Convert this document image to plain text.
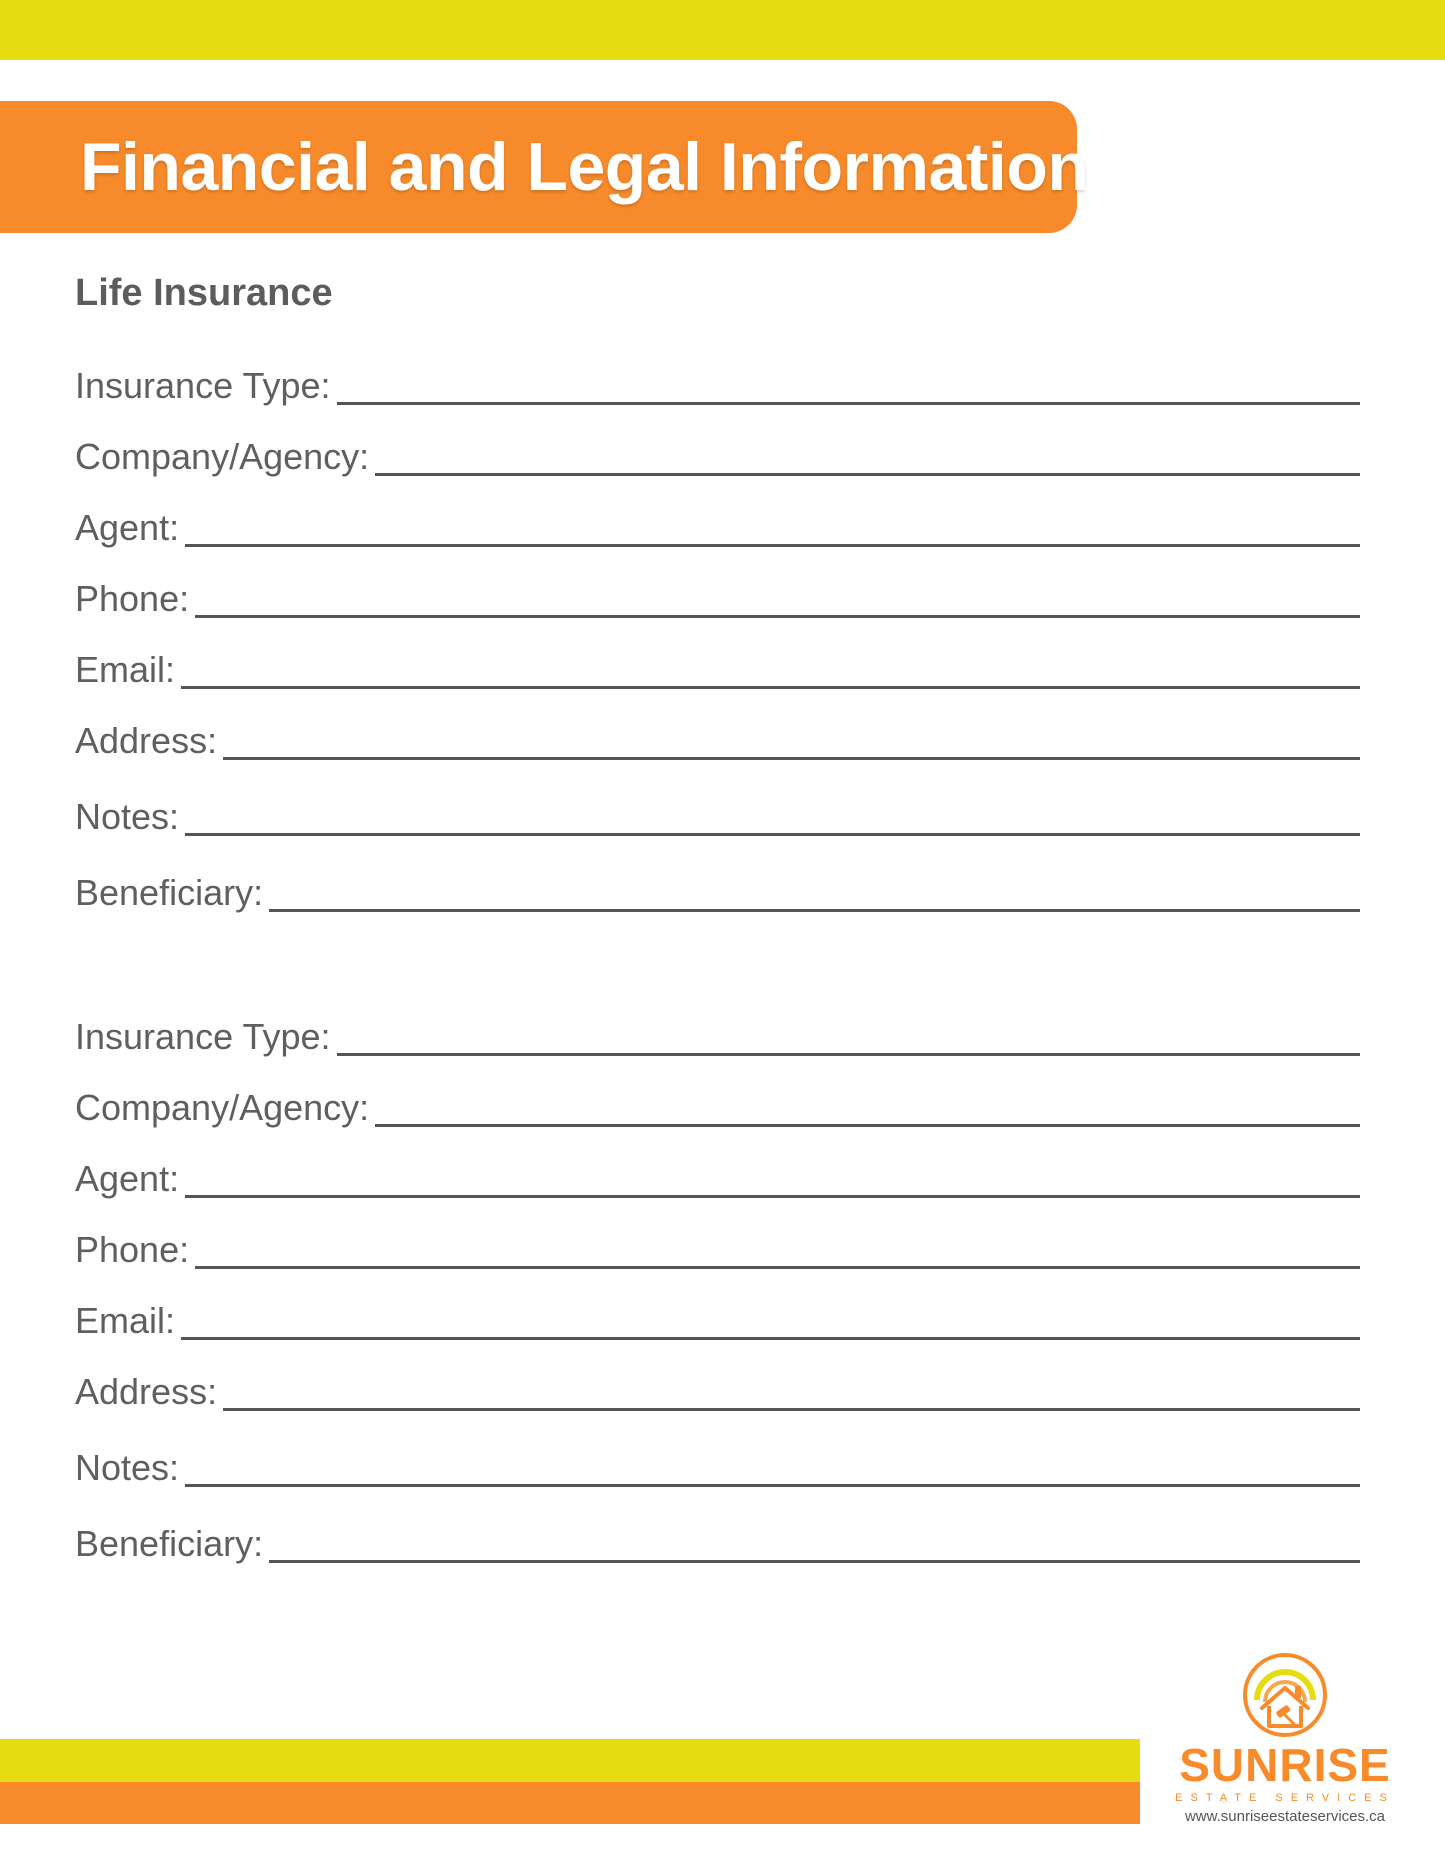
Financial and Legal Information
Life Insurance
Insurance Type:
Company/Agency:
Agent:
Phone:
Email:
Address:
Notes:
Beneficiary:
Insurance Type:
Company/Agency:
Agent:
Phone:
Email:
Address:
Notes:
Beneficiary:
SUNRISE
ESTATE SERVICES
www.sunriseestateservices.ca
